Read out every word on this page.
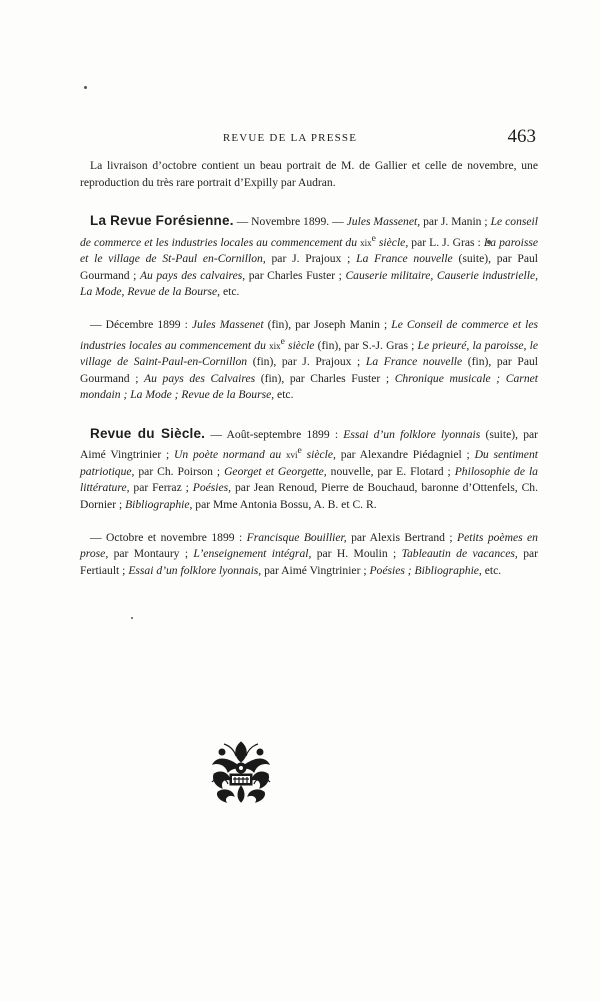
REVUE DE LA PRESSE	463

La livraison d’octobre contient un beau portrait de M. de Gallier et celle de novembre, une reproduction du très rare portrait d’Expilly par Audran.

La Revue Forésienne. — Novembre 1899. — Jules Massenet, par J. Manin ; Le conseil de commerce et les industries locales au commencement du xix$^e$ siècle, par L. J. Gras : La paroisse et le village de St-Paul en-Cornillon, par J. Prajoux ; La France nouvelle (suite), par Paul Gourmand ; Au pays des calvaires, par Charles Fuster ; Causerie militaire, Causerie industrielle, La Mode, Revue de la Bourse, etc.

— Décembre 1899 : Jules Massenet (fin), par Joseph Manin ; Le Conseil de commerce et les industries locales au commencement du xix$^e$ siècle (fin), par S.-J. Gras ; Le prieuré, la paroisse, le village de Saint-Paul-en-Cornillon (fin), par J. Prajoux ; La France nouvelle (fin), par Paul Gourmand ; Au pays des Calvaires (fin), par Charles Fuster ; Chronique musicale ; Carnet mondain ; La Mode ; Revue de la Bourse, etc.

Revue du Siècle. — Août-septembre 1899 : Essai d’un folklore lyonnais (suite), par Aimé Vingtrinier ; Un poète normand au xvi$^e$ siècle, par Alexandre Piédagniel ; Du sentiment patriotique, par Ch. Poirson ; Georget et Georgette, nouvelle, par E. Flotard ; Philosophie de la littérature, par Ferraz ; Poésies, par Jean Renoud, Pierre de Bouchaud, baronne d’Ottenfels, Ch. Dornier ; Bibliographie, par Mme Antonia Bossu, A. B. et C. R.

— Octobre et novembre 1899 : Francisque Bouillier, par Alexis Bertrand ; Petits poèmes en prose, par Montaury ; L’enseignement intégral, par H. Moulin ; Tableautin de vacances, par Fertiault ; Essai d’un folklore lyonnais, par Aimé Vingtrinier ; Poésies ; Bibliographie, etc.
